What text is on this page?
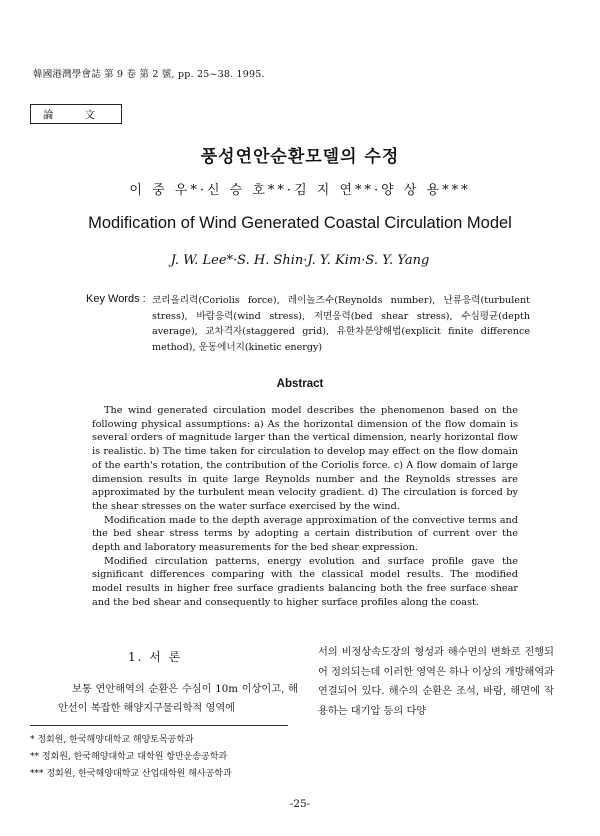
韓國港灣學會誌 第 9 卷 第 2 號, pp. 25~38. 1995.
論 文
풍성연안순환모델의 수정
이 중 우*·신 승 호**·김 지 연**·양 상 용***
Modification of Wind Generated Coastal Circulation Model
J. W. Lee*·S. H. Shin·J. Y. Kim·S. Y. Yang
Key Words : 코리올리력(Coriolis force), 레이놀즈수(Reynolds number), 난류응력(turbulent stress), 바람응력(wind stress), 저면응력(bed shear stress), 수심평균(depth average), 교차격자(staggered grid), 유한차분양해법(explicit finite difference method), 운동에너지(kinetic energy)
Abstract

The wind generated circulation model describes the phenomenon based on the following physical assumptions: a) As the horizontal dimension of the flow domain is several orders of magnitude larger than the vertical dimension, nearly horizontal flow is realistic. b) The time taken for circulation to develop may effect on the flow domain of the earth's rotation, the contribution of the Coriolis force. c) A flow domain of large dimension results in quite large Reynolds number and the Reynolds stresses are approximated by the turbulent mean velocity gradient. d) The circulation is forced by the shear stresses on the water surface exercised by the wind.

Modification made to the depth average approximation of the convective terms and the bed shear stress terms by adopting a certain distribution of current over the depth and laboratory measurements for the bed shear expression.

Modified circulation patterns, energy evolution and surface profile gave the significant differences comparing with the classical model results. The modified model results in higher free surface gradients balancing both the free surface shear and the bed shear and consequently to higher surface profiles along the coast.

1. 서 론

보통 연안해역의 순환은 수심이 10m 이상이고, 해안선이 복잡한 해양지구물리학적 영역에

서의 비정상속도장의 형성과 해수면의 변화로 진행되어 정의되는데 이러한 영역은 하나 이상의 개방해역과 연결되어 있다. 해수의 순환은 조석, 바람, 해면에 작용하는 대기압 등의 다양

* 정회원, 한국해양대학교 해양토목공학과
** 정회원, 한국해양대학교 대학원 항만운송공학과
*** 정회원, 한국해양대학교 산업대학원 해사공학과
-25-
